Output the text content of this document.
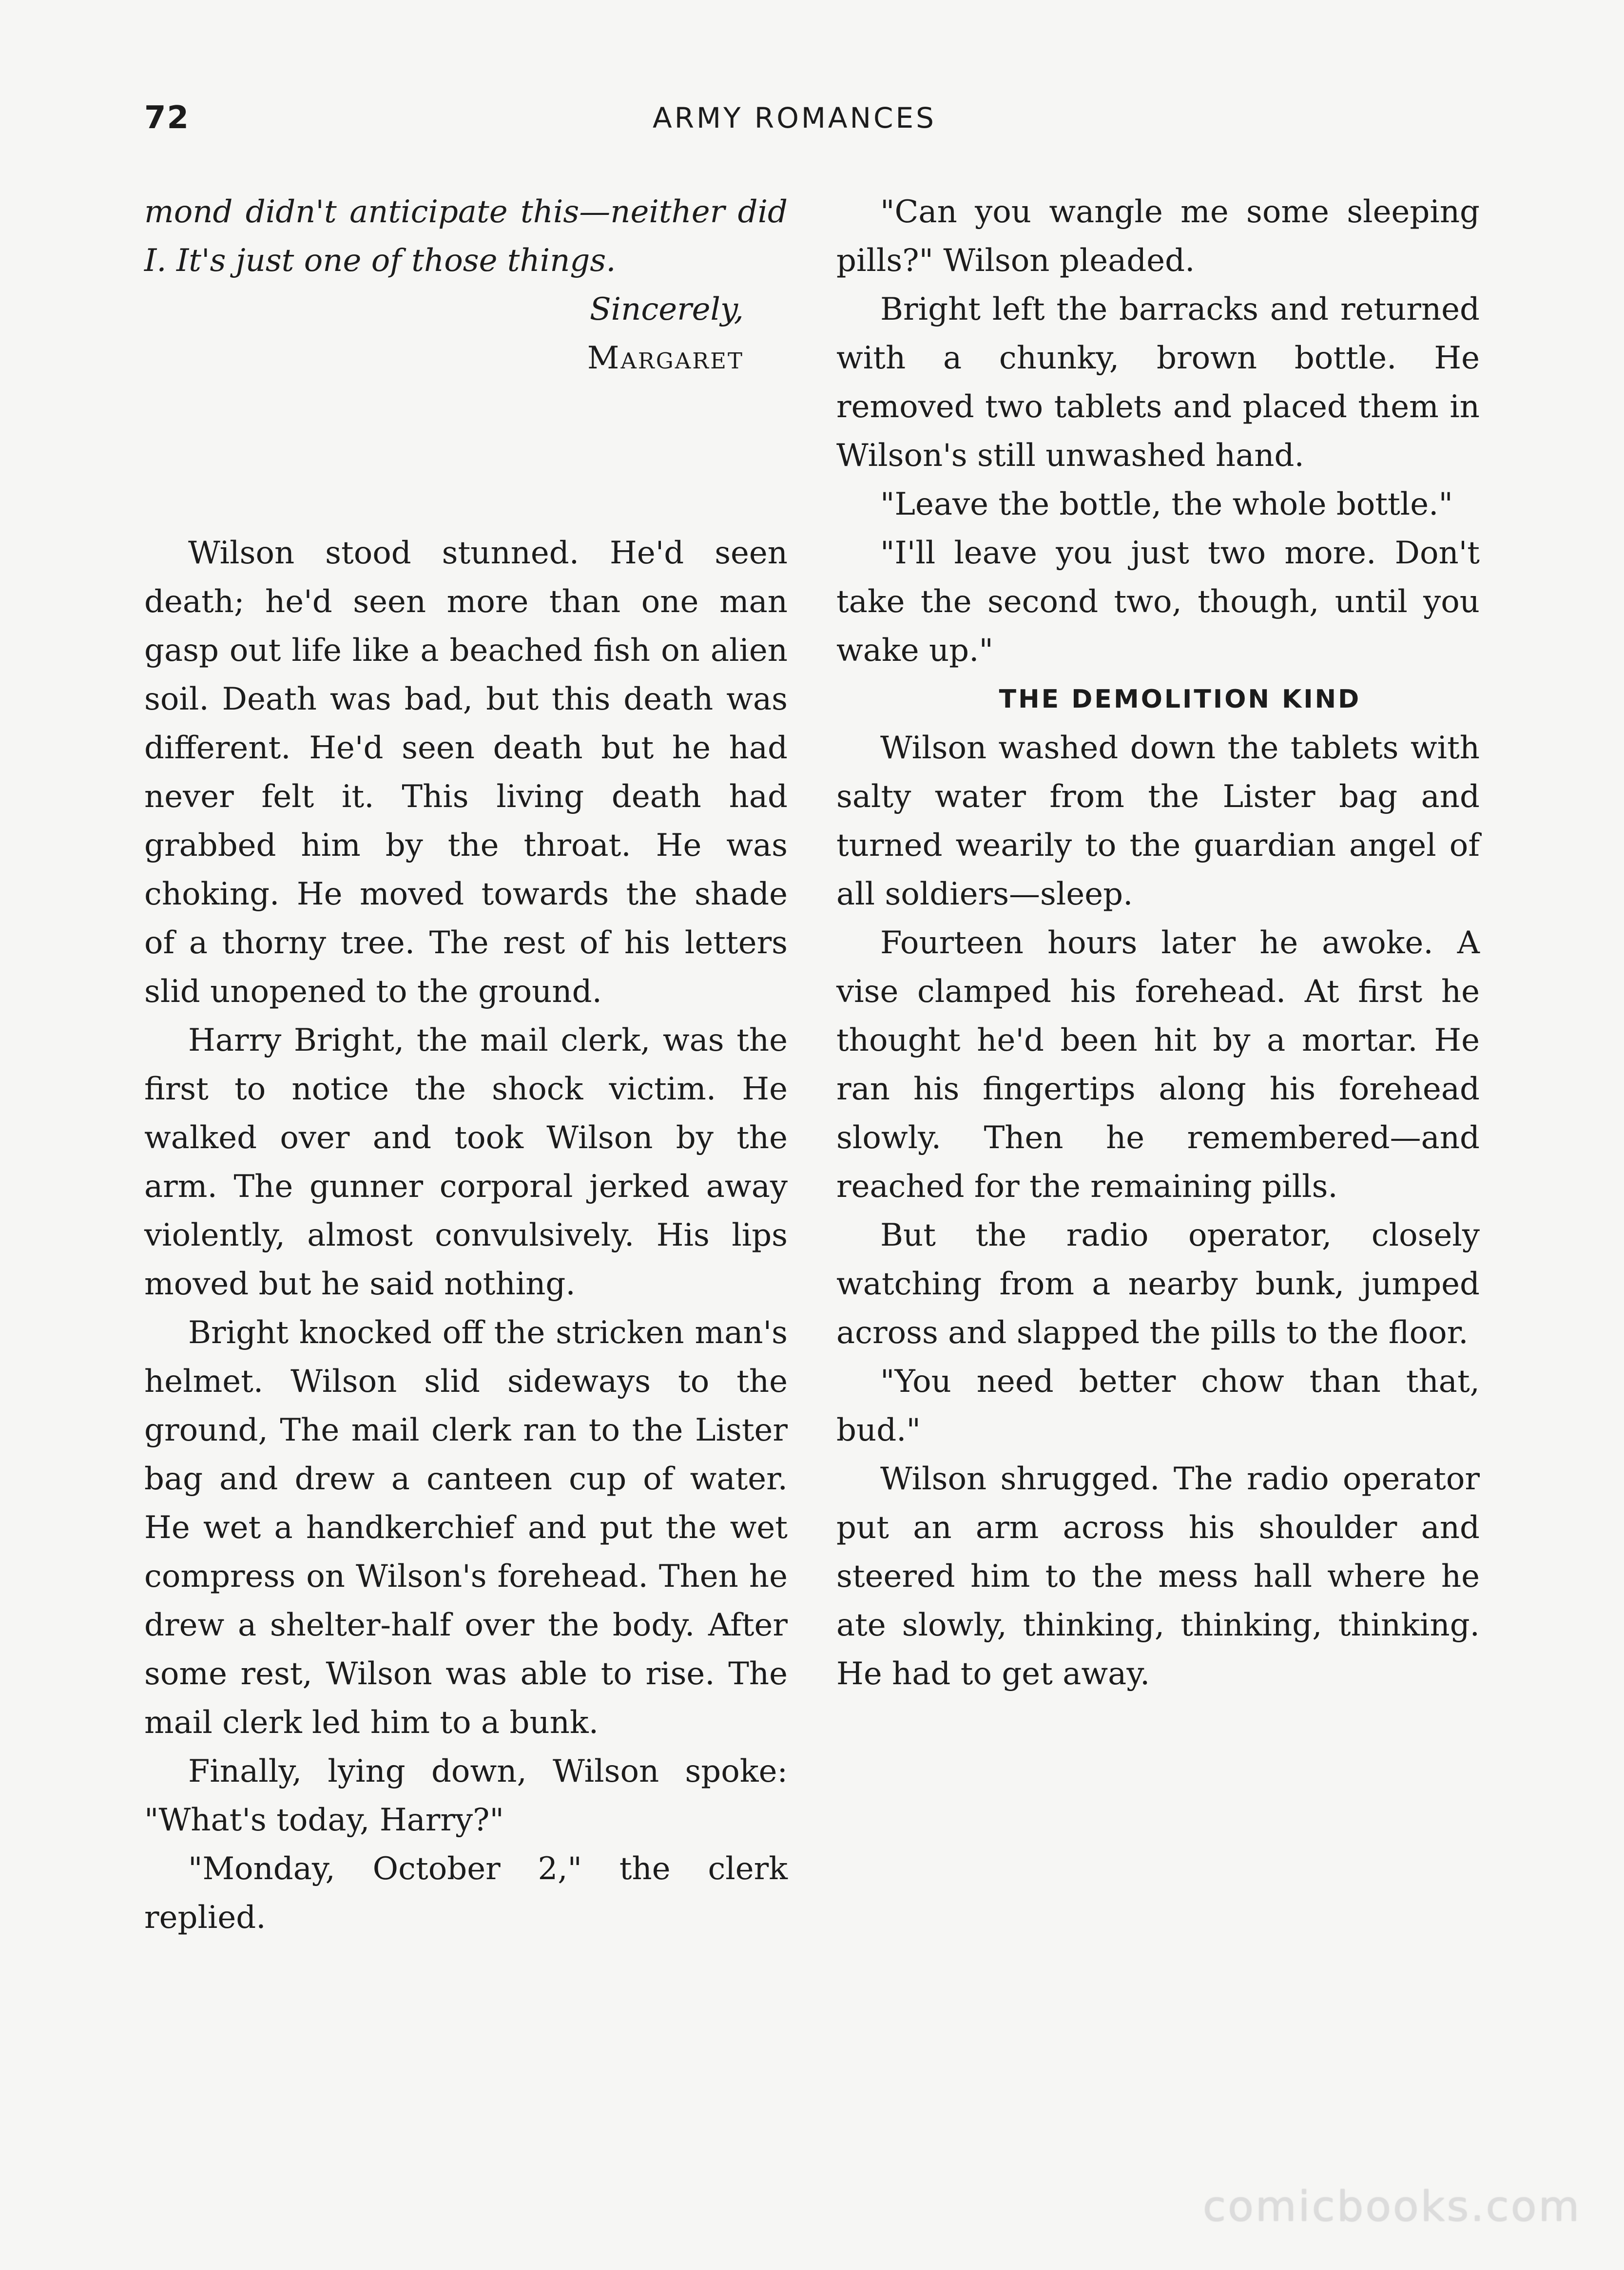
72	ARMY ROMANCES

mond didn't anticipate this—neither did I. It's just one of those things.

Sincerely,

Margaret

Wilson stood stunned. He'd seen death; he'd seen more than one man gasp out life like a beached fish on alien soil. Death was bad, but this death was different. He'd seen death but he had never felt it. This living death had grabbed him by the throat. He was choking. He moved towards the shade of a thorny tree. The rest of his letters slid unopened to the ground.

Harry Bright, the mail clerk, was the first to notice the shock victim. He walked over and took Wilson by the arm. The gunner corporal jerked away violently, almost convulsively. His lips moved but he said nothing.

Bright knocked off the stricken man's helmet. Wilson slid sideways to the ground, The mail clerk ran to the Lister bag and drew a canteen cup of water. He wet a handkerchief and put the wet compress on Wilson's forehead. Then he drew a shelter-half over the body. After some rest, Wilson was able to rise. The mail clerk led him to a bunk.

Finally, lying down, Wilson spoke: "What's today, Harry?"

"Monday, October 2," the clerk replied.

"Can you wangle me some sleeping pills?" Wilson pleaded.

Bright left the barracks and returned with a chunky, brown bottle. He removed two tablets and placed them in Wilson's still unwashed hand.

"Leave the bottle, the whole bottle."

"I'll leave you just two more. Don't take the second two, though, until you wake up."

THE DEMOLITION KIND

Wilson washed down the tablets with salty water from the Lister bag and turned wearily to the guardian angel of all soldiers—sleep.

Fourteen hours later he awoke. A vise clamped his forehead. At first he thought he'd been hit by a mortar. He ran his fingertips along his forehead slowly. Then he remembered—and reached for the remaining pills.

But the radio operator, closely watching from a nearby bunk, jumped across and slapped the pills to the floor.

"You need better chow than that, bud."

Wilson shrugged. The radio operator put an arm across his shoulder and steered him to the mess hall where he ate slowly, thinking, thinking, thinking. He had to get away.

comicbooks.com
